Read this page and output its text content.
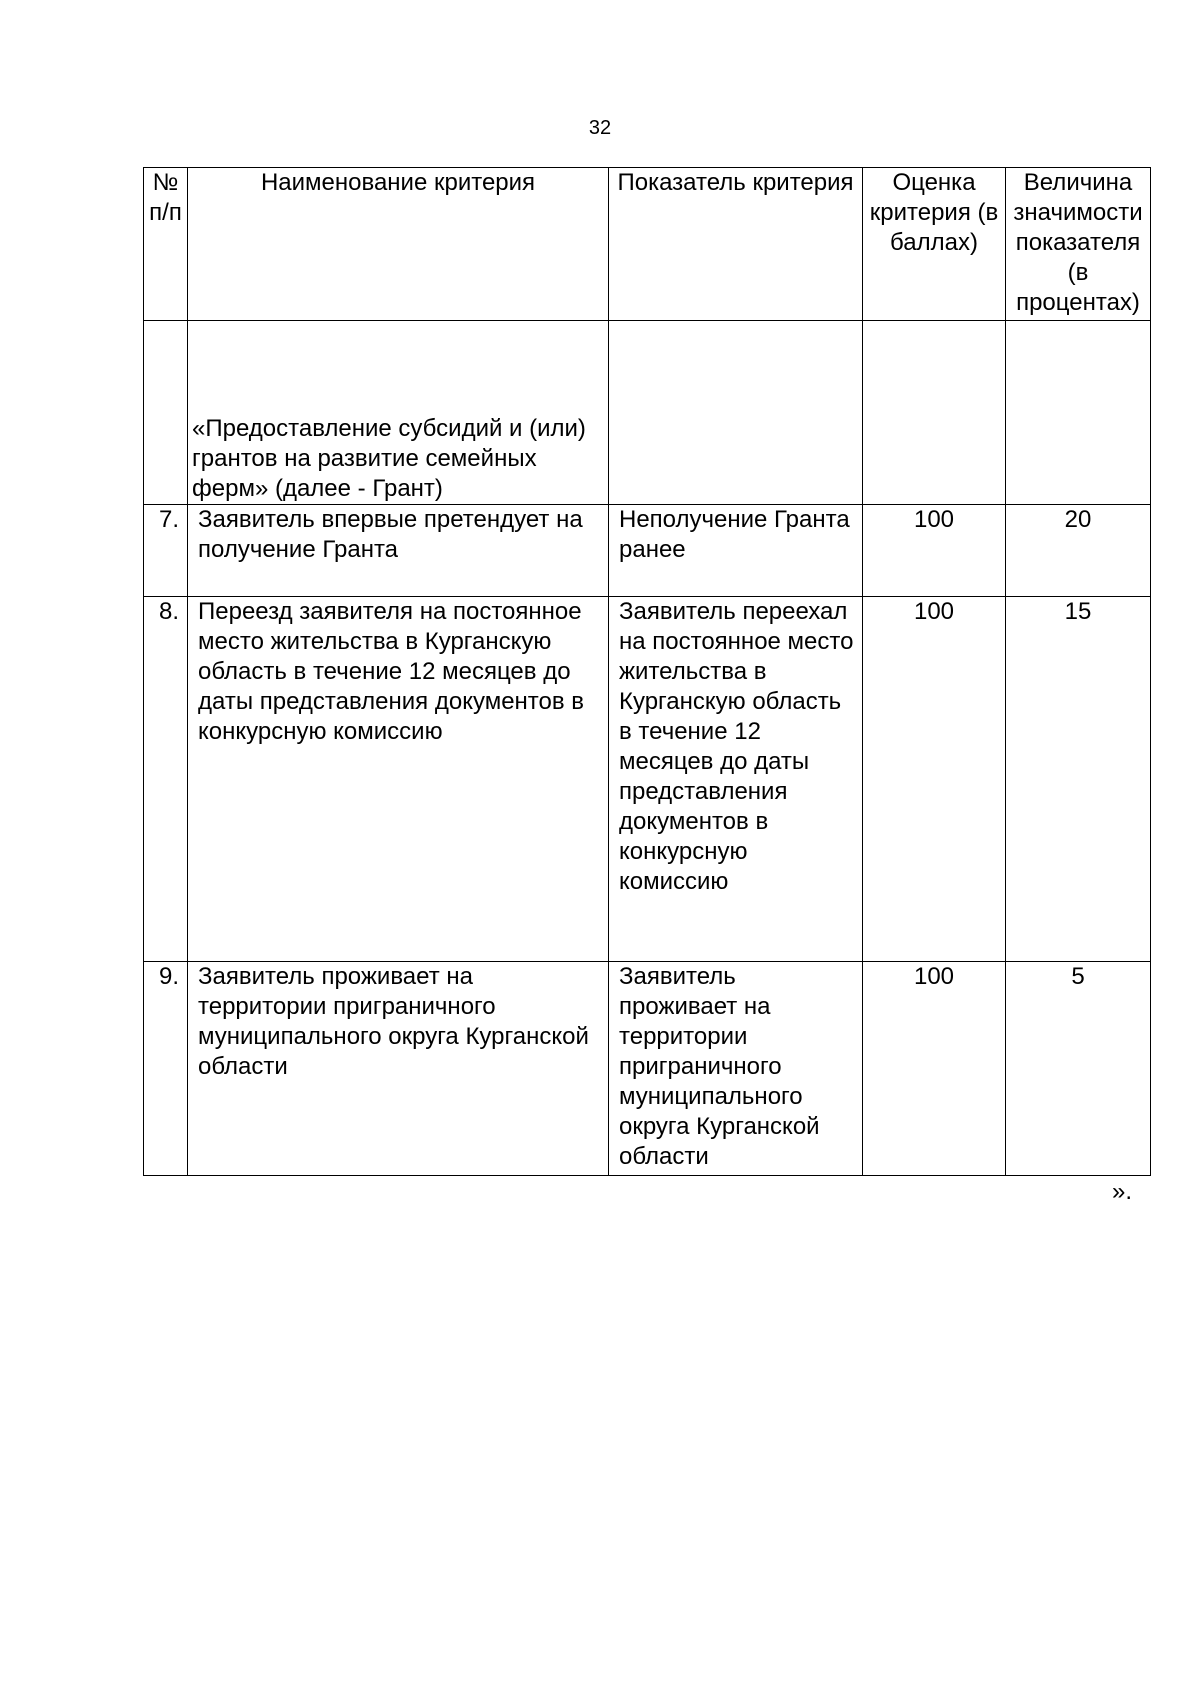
32
№ п/п	Наименование критерия	Показатель критерия	Оценка критерия (в баллах)	Величина значимости показателя (в процентах)
	«Предоставление субсидий и (или) грантов на развитие семейных ферм» (далее - Грант)			
7.	Заявитель впервые претендует на получение Гранта	Неполучение Гранта ранее	100	20
8.	Переезд заявителя на постоянное место жительства в Курганскую область в течение 12 месяцев до даты представления документов в конкурсную комиссию	Заявитель переехал на постоянное место жительства в Курганскую область в течение 12 месяцев до даты представления документов в конкурсную комиссию	100	15
9.	Заявитель проживает на территории приграничного муниципального округа Курганской области	Заявитель проживает на территории приграничного муниципального округа Курганской области	100	5
».
